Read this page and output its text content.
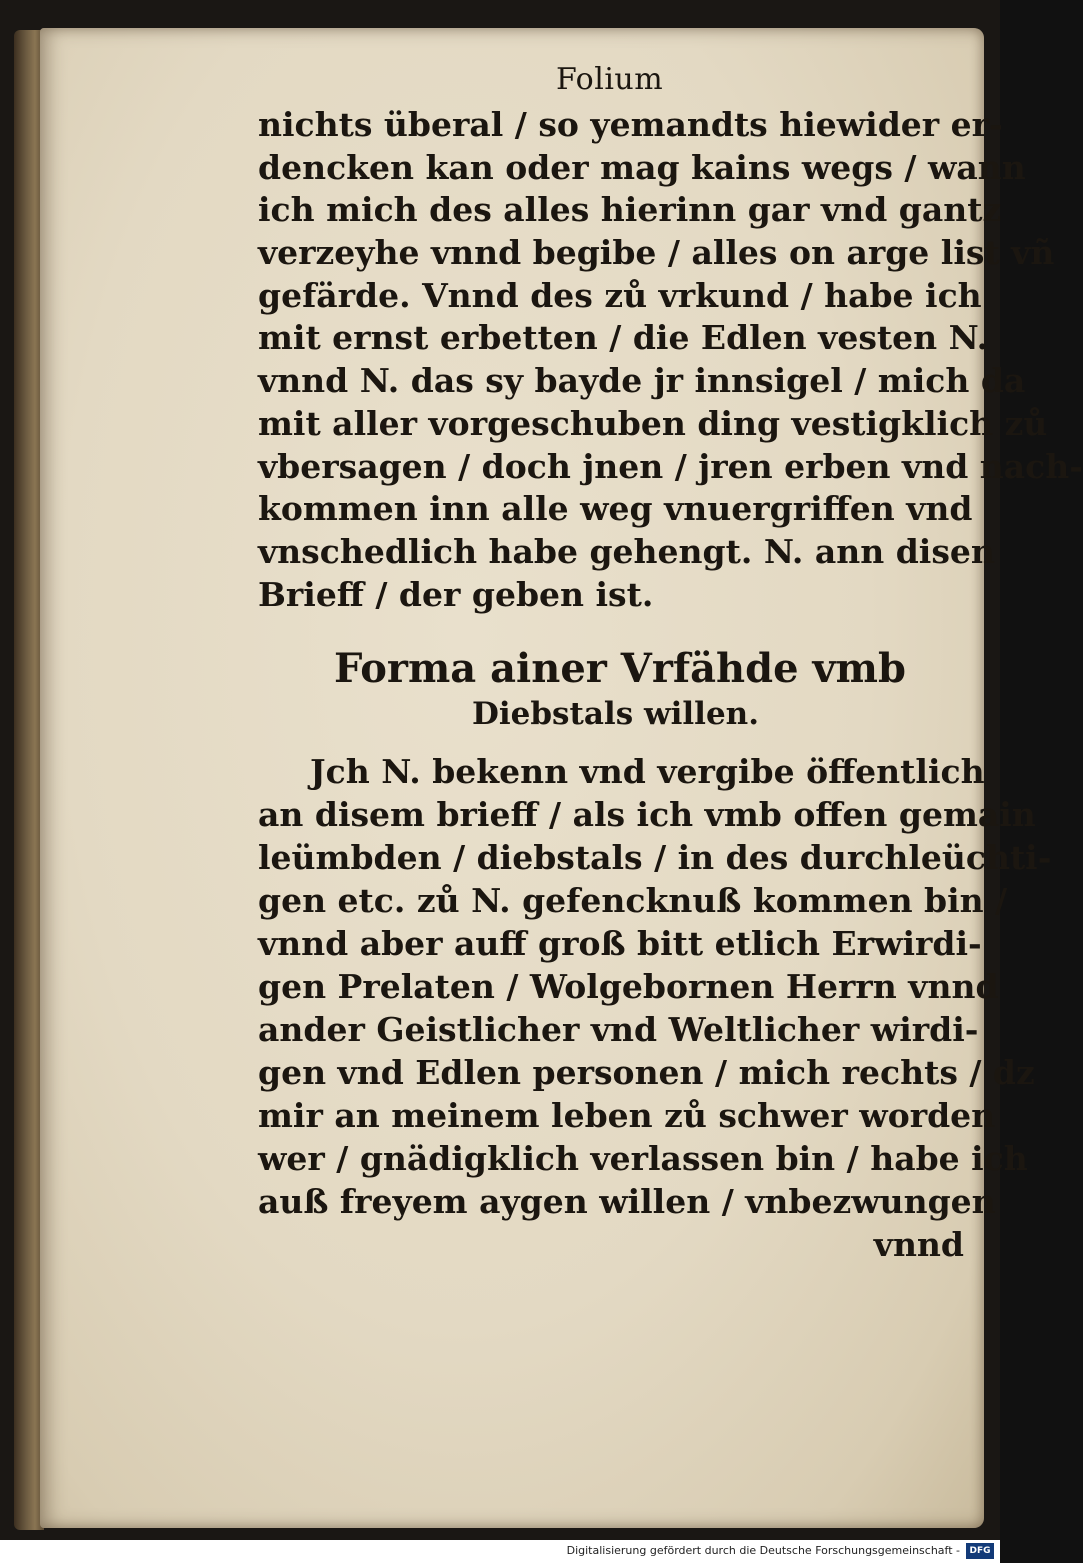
Folium
nichts überal / so yemandts hiewider er-
dencken kan oder mag kains wegs / wann
ich mich des alles hierinn gar vnd gantz
verzeyhe vnnd begibe / alles on arge list vñ
gefärde. Vnnd des zů vrkund / habe ich
mit ernst erbetten / die Edlen vesten N.
vnnd N. das sy bayde jr innsigel / mich da
mit aller vorgeschuben ding vestigklich zů
vbersagen / doch jnen / jren erben vnd nach-
kommen inn alle weg vnuergriffen vnd
vnschedlich habe gehengt. N. ann disen
Brieff / der geben ist.
Forma ainer Vrfähde vmb
Diebstals willen.
Jch N. bekenn vnd vergibe öffentlich
an disem brieff / als ich vmb offen gemain
leümbden / diebstals / in des durchleüchti-
gen etc. zů N. gefencknuß kommen bin /
vnnd aber auff groß bitt etlich Erwirdi-
gen Prelaten / Wolgebornen Herrn vnnd
ander Geistlicher vnd Weltlicher wirdi-
gen vnd Edlen personen / mich rechts / dz
mir an meinem leben zů schwer worden
wer / gnädigklich verlassen bin / habe ich
auß freyem aygen willen / vnbezwungen
vnnd
Digitalisierung gefördert durch die Deutsche Forschungsgemeinschaft -	DFG
